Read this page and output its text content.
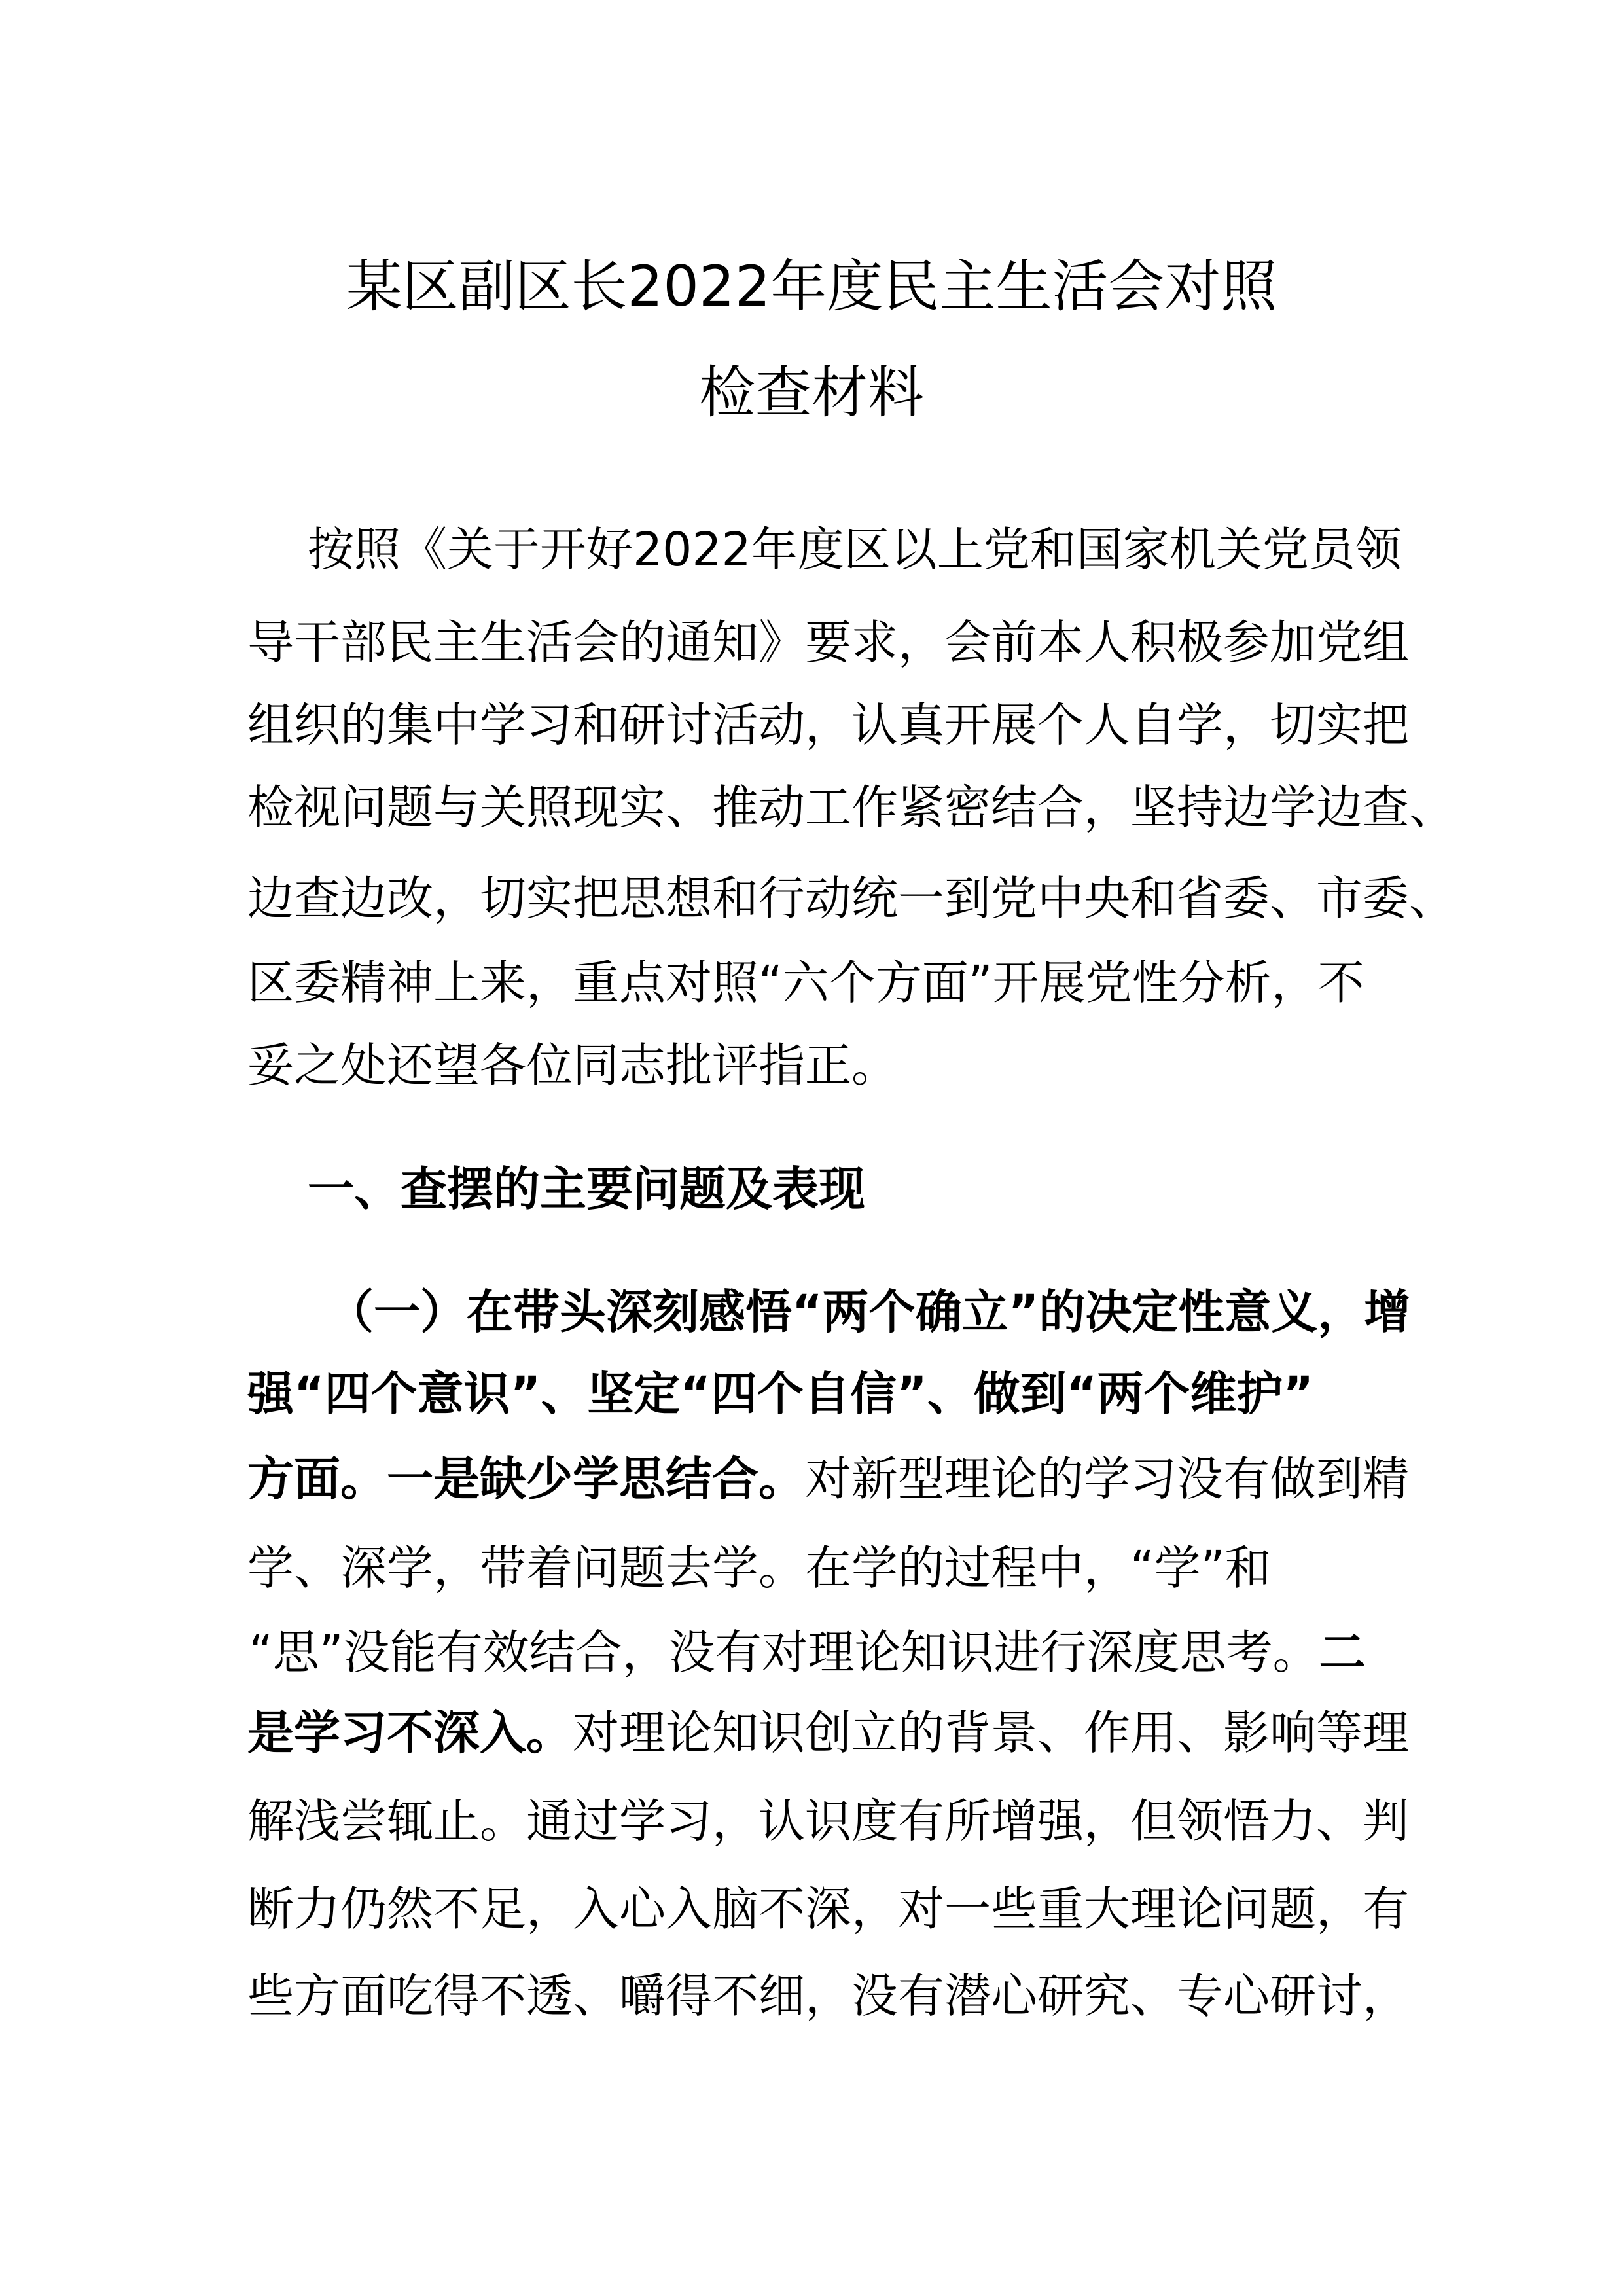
某区副区长2022年度民主生活会对照
检查材料
按照《关于开好2022年度区以上党和国家机关党员领
导干部民主生活会的通知》要求，会前本人积极参加党组
组织的集中学习和研讨活动，认真开展个人自学，切实把
检视问题与关照现实、推动工作紧密结合，坚持边学边查、
边查边改，切实把思想和行动统一到党中央和省委、市委、
区委精神上来，重点对照“六个方面”开展党性分析，不
妥之处还望各位同志批评指正。
一、查摆的主要问题及表现
（一）在带头深刻感悟“两个确立”的决定性意义，增
强“四个意识”、坚定“四个自信”、做到“两个维护”
方面。一是缺少学思结合。对新型理论的学习没有做到精
学、深学，带着问题去学。在学的过程中，“学”和
“思”没能有效结合，没有对理论知识进行深度思考。二
是学习不深入。对理论知识创立的背景、作用、影响等理
解浅尝辄止。通过学习，认识度有所增强，但领悟力、判
断力仍然不足，入心入脑不深，对一些重大理论问题，有
些方面吃得不透、嚼得不细，没有潜心研究、专心研讨，
